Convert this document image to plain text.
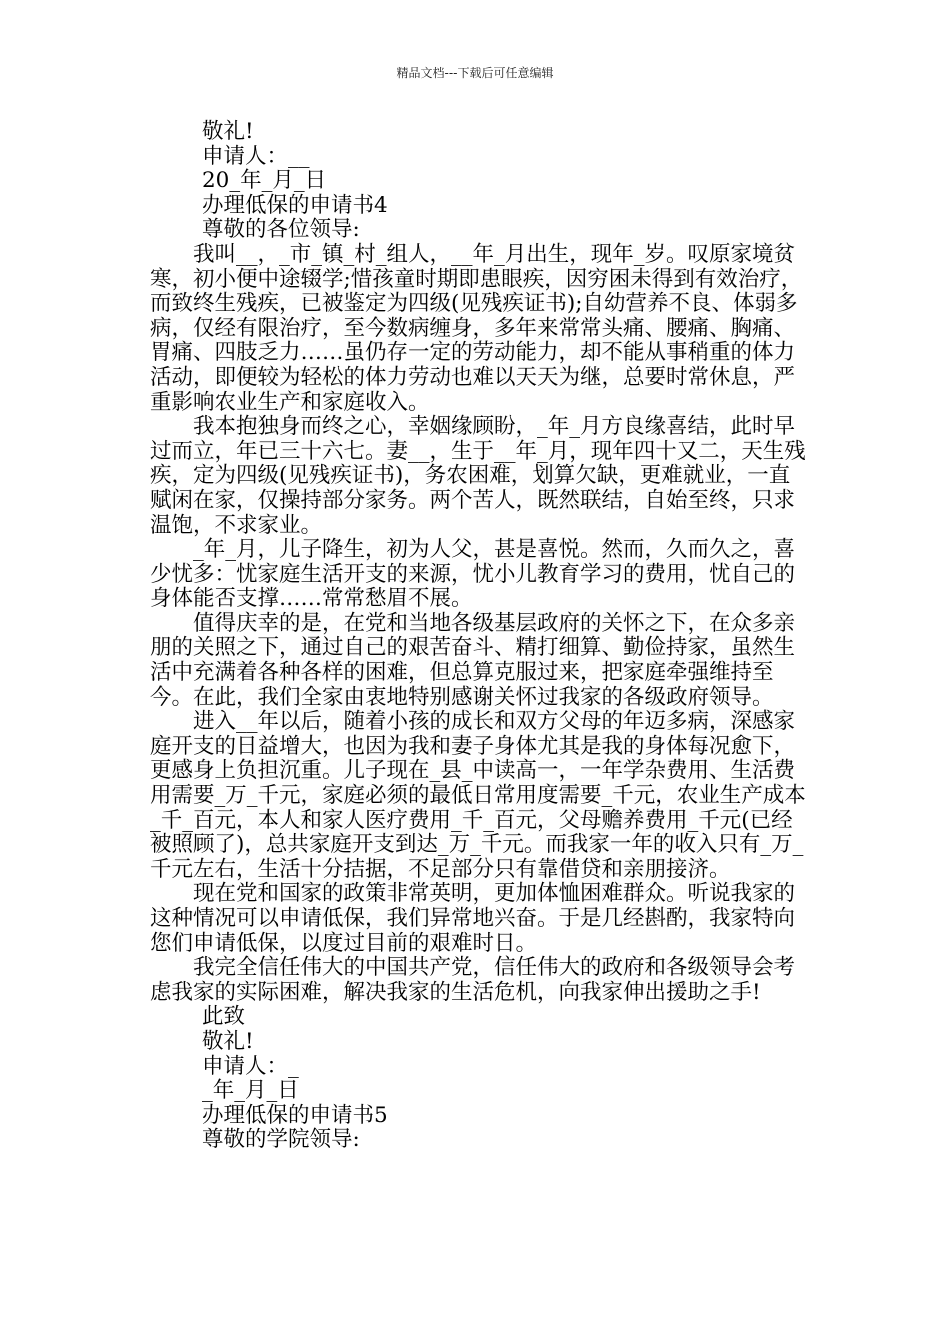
精品文档---下载后可任意编辑

敬礼!

申请人：__

20_年_月_日

办理低保的申请书4

尊敬的各位领导:

我叫__，_市_镇_村_组人，__年_月出生，现年_岁。叹原家境贫寒，初小便中途辍学;惜孩童时期即患眼疾，因穷困未得到有效治疗，而致终生残疾，已被鉴定为四级(见残疾证书);自幼营养不良、体弱多病，仅经有限治疗，至今数病缠身，多年来常常头痛、腰痛、胸痛、胃痛、四肢乏力……虽仍存一定的劳动能力，却不能从事稍重的体力活动，即便较为轻松的体力劳动也难以天天为继，总要时常休息，严重影响农业生产和家庭收入。

我本抱独身而终之心，幸姻缘顾盼，_年_月方良缘喜结，此时早过而立，年已三十六七。妻__，生于__年_月，现年四十又二，天生残疾，定为四级(见残疾证书)，务农困难，划算欠缺，更难就业，一直赋闲在家，仅操持部分家务。两个苦人，既然联结，自始至终，只求温饱，不求家业。

_年_月，儿子降生，初为人父，甚是喜悦。然而，久而久之，喜少忧多：忧家庭生活开支的来源，忧小儿教育学习的费用，忧自己的身体能否支撑……常常愁眉不展。

值得庆幸的是，在党和当地各级基层政府的关怀之下，在众多亲朋的关照之下，通过自己的艰苦奋斗、精打细算、勤俭持家，虽然生活中充满着各种各样的困难，但总算克服过来，把家庭牵强维持至今。在此，我们全家由衷地特别感谢关怀过我家的各级政府领导。

进入__年以后，随着小孩的成长和双方父母的年迈多病，深感家庭开支的日益增大，也因为我和妻子身体尤其是我的身体每况愈下，更感身上负担沉重。儿子现在_县_中读高一，一年学杂费用、生活费用需要_万_千元，家庭必须的最低日常用度需要_千元，农业生产成本_千_百元，本人和家人医疗费用_千_百元，父母赡养费用_千元(已经被照顾了)，总共家庭开支到达_万_千元。而我家一年的收入只有_万_千元左右，生活十分拮据，不足部分只有靠借贷和亲朋接济。

现在党和国家的政策非常英明，更加体恤困难群众。听说我家的这种情况可以申请低保，我们异常地兴奋。于是几经斟酌，我家特向您们申请低保，以度过目前的艰难时日。

我完全信任伟大的中国共产党，信任伟大的政府和各级领导会考虑我家的实际困难，解决我家的生活危机，向我家伸出援助之手!

此致

敬礼!

申请人：_

_年_月_日

办理低保的申请书5

尊敬的学院领导:
